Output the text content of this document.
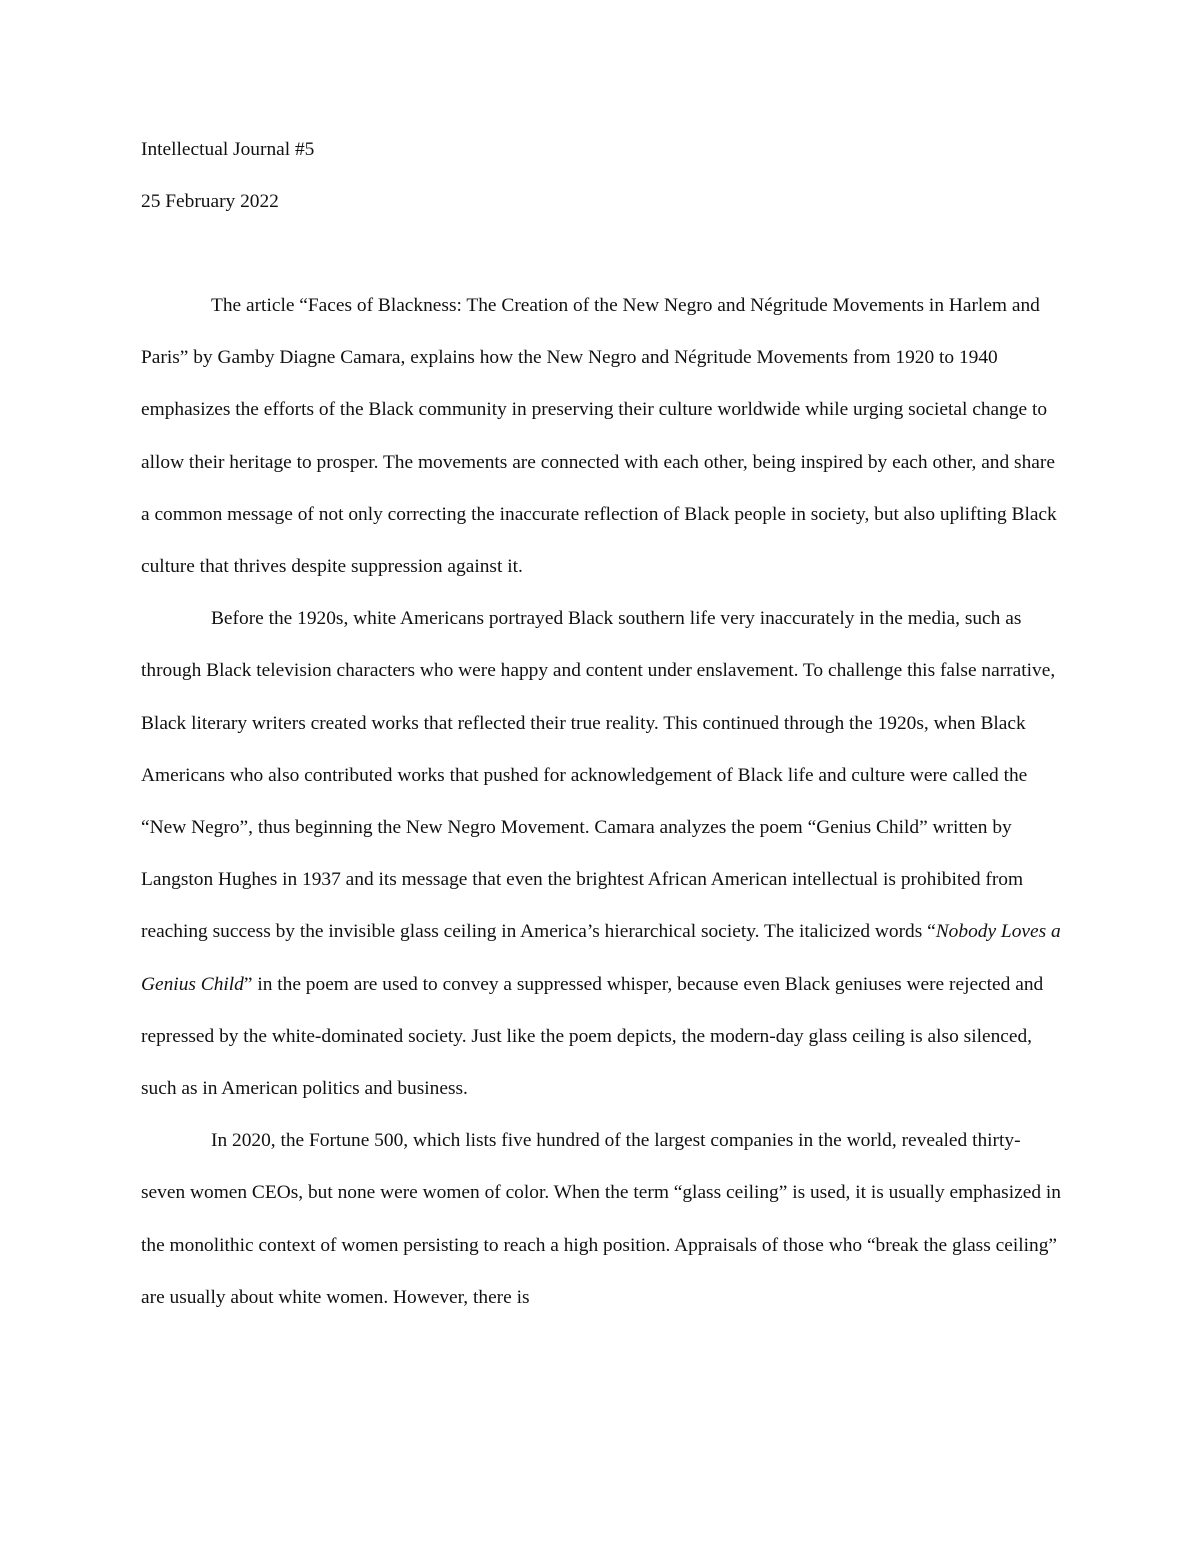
Intellectual Journal #5

25 February 2022

The article “Faces of Blackness: The Creation of the New Negro and Négritude Movements in Harlem and Paris” by Gamby Diagne Camara, explains how the New Negro and Négritude Movements from 1920 to 1940 emphasizes the efforts of the Black community in preserving their culture worldwide while urging societal change to allow their heritage to prosper. The movements are connected with each other, being inspired by each other, and share a common message of not only correcting the inaccurate reflection of Black people in society, but also uplifting Black culture that thrives despite suppression against it.

Before the 1920s, white Americans portrayed Black southern life very inaccurately in the media, such as through Black television characters who were happy and content under enslavement. To challenge this false narrative, Black literary writers created works that reflected their true reality. This continued through the 1920s, when Black Americans who also contributed works that pushed for acknowledgement of Black life and culture were called the “New Negro”, thus beginning the New Negro Movement. Camara analyzes the poem “Genius Child” written by Langston Hughes in 1937 and its message that even the brightest African American intellectual is prohibited from reaching success by the invisible glass ceiling in America’s hierarchical society. The italicized words “Nobody Loves a Genius Child” in the poem are used to convey a suppressed whisper, because even Black geniuses were rejected and repressed by the white-dominated society. Just like the poem depicts, the modern-day glass ceiling is also silenced, such as in American politics and business.

In 2020, the Fortune 500, which lists five hundred of the largest companies in the world, revealed thirty-seven women CEOs, but none were women of color. When the term “glass ceiling” is used, it is usually emphasized in the monolithic context of women persisting to reach a high position. Appraisals of those who “break the glass ceiling” are usually about white women. However, there is
